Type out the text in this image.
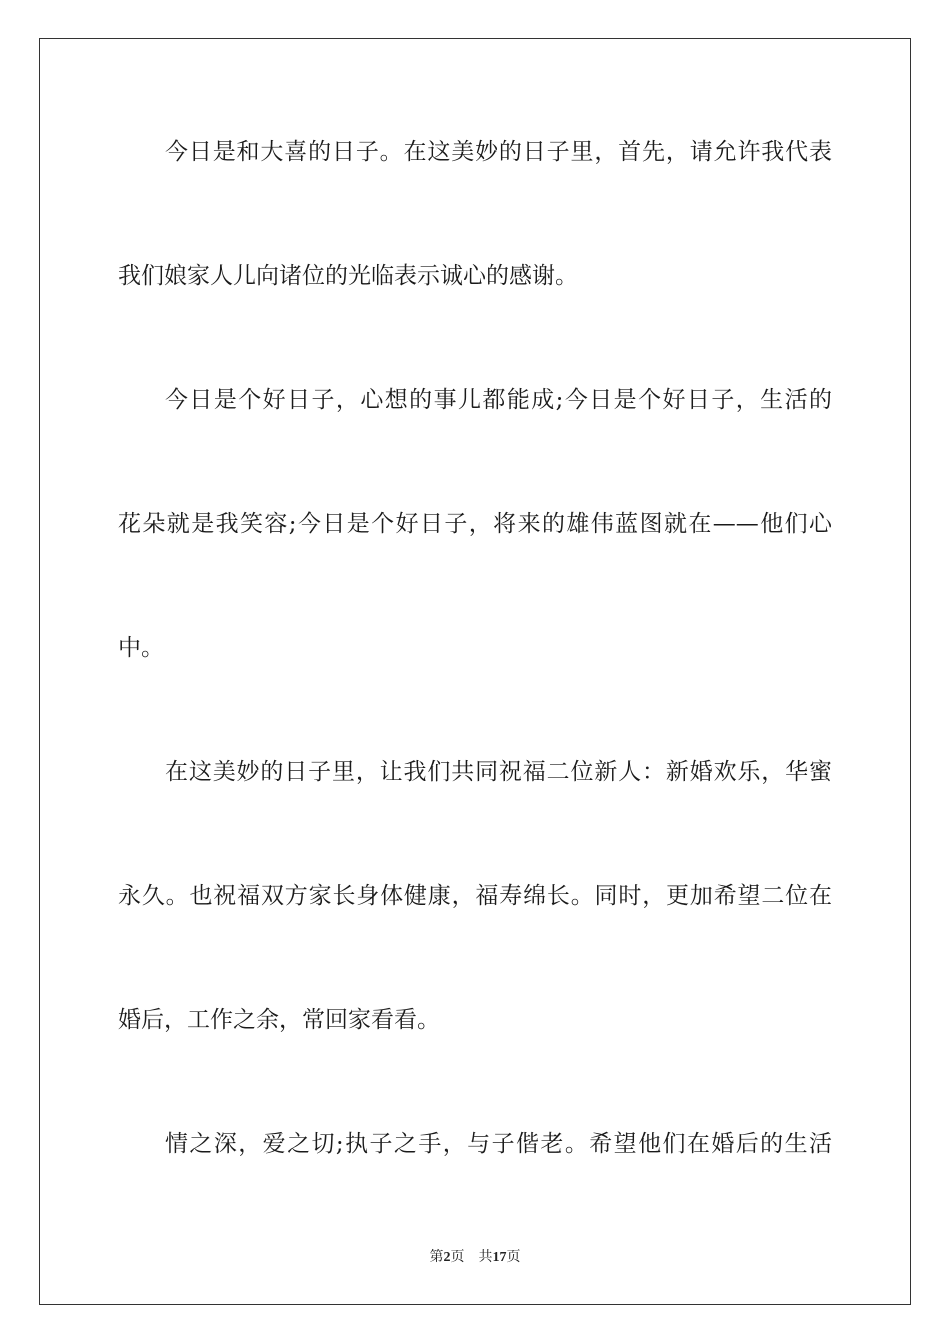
今日是和大喜的日子。在这美妙的日子里，首先，请允许我代表
我们娘家人儿向诸位的光临表示诚心的感谢。
今日是个好日子，心想的事儿都能成;今日是个好日子，生活的
花朵就是我笑容;今日是个好日子，将来的雄伟蓝图就在——他们心
中。
在这美妙的日子里，让我们共同祝福二位新人：新婚欢乐，华蜜
永久。也祝福双方家长身体健康，福寿绵长。同时，更加希望二位在
婚后，工作之余，常回家看看。
情之深，爱之切;执子之手，与子偕老。希望他们在婚后的生活
第2页 共17页
